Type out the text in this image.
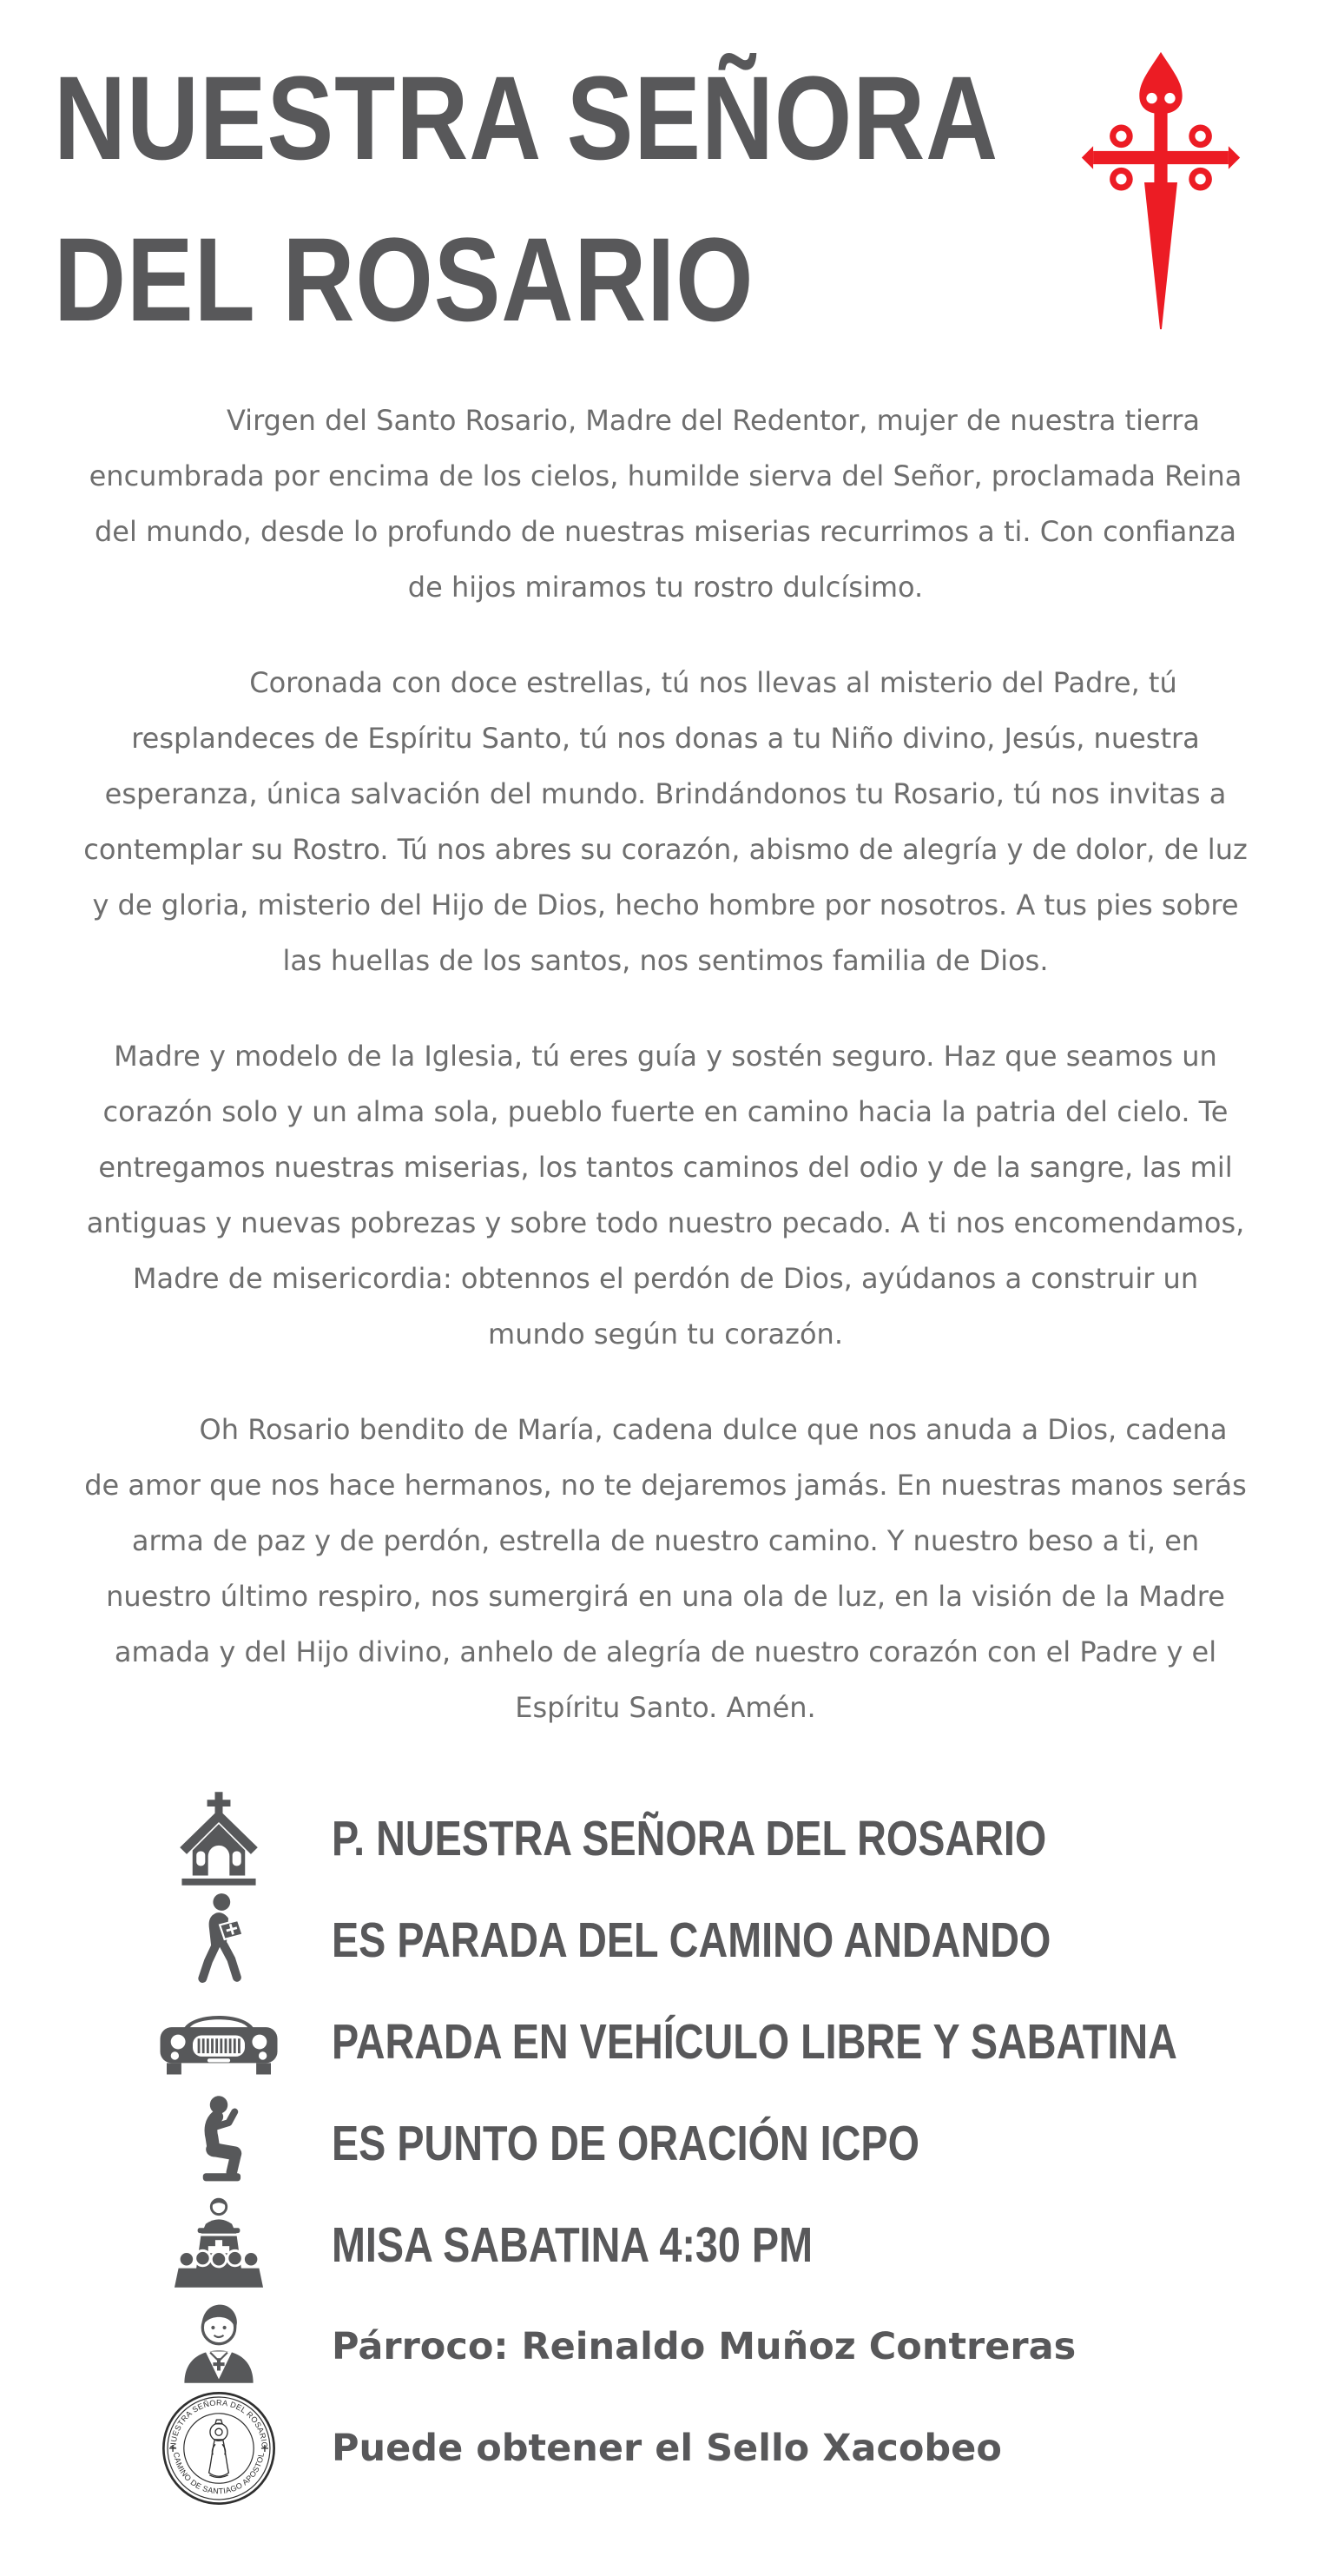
NUESTRA SEÑORA
DEL ROSARIO

Virgen del Santo Rosario, Madre del Redentor, mujer de nuestra tierra encumbrada por encima de los cielos, humilde sierva del Señor, proclamada Reina del mundo, desde lo profundo de nuestras miserias recurrimos a ti. Con confianza de hijos miramos tu rostro dulcísimo.

Coronada con doce estrellas, tú nos llevas al misterio del Padre, tú resplandeces de Espíritu Santo, tú nos donas a tu Niño divino, Jesús, nuestra esperanza, única salvación del mundo. Brindándonos tu Rosario, tú nos invitas a contemplar su Rostro. Tú nos abres su corazón, abismo de alegría y de dolor, de luz y de gloria, misterio del Hijo de Dios, hecho hombre por nosotros. A tus pies sobre las huellas de los santos, nos sentimos familia de Dios.

Madre y modelo de la Iglesia, tú eres guía y sostén seguro. Haz que seamos un corazón solo y un alma sola, pueblo fuerte en camino hacia la patria del cielo. Te entregamos nuestras miserias, los tantos caminos del odio y de la sangre, las mil antiguas y nuevas pobrezas y sobre todo nuestro pecado. A ti nos encomendamos, Madre de misericordia: obtennos el perdón de Dios, ayúdanos a construir un mundo según tu corazón.

Oh Rosario bendito de María, cadena dulce que nos anuda a Dios, cadena de amor que nos hace hermanos, no te dejaremos jamás. En nuestras manos serás arma de paz y de perdón, estrella de nuestro camino. Y nuestro beso a ti, en nuestro último respiro, nos sumergirá en una ola de luz, en la visión de la Madre amada y del Hijo divino, anhelo de alegría de nuestro corazón con el Padre y el Espíritu Santo. Amén.

P. NUESTRA SEÑORA DEL ROSARIO
ES PARADA DEL CAMINO ANDANDO
PARADA EN VEHÍCULO LIBRE Y SABATINA
ES PUNTO DE ORACIÓN ICPO
MISA SABATINA 4:30 PM
Párroco: Reinaldo Muñoz Contreras
NUESTRA SEÑORA DEL ROSARIO
CAMINO DE SANTIAGO APOSTOL Puede obtener el Sello Xacobeo
